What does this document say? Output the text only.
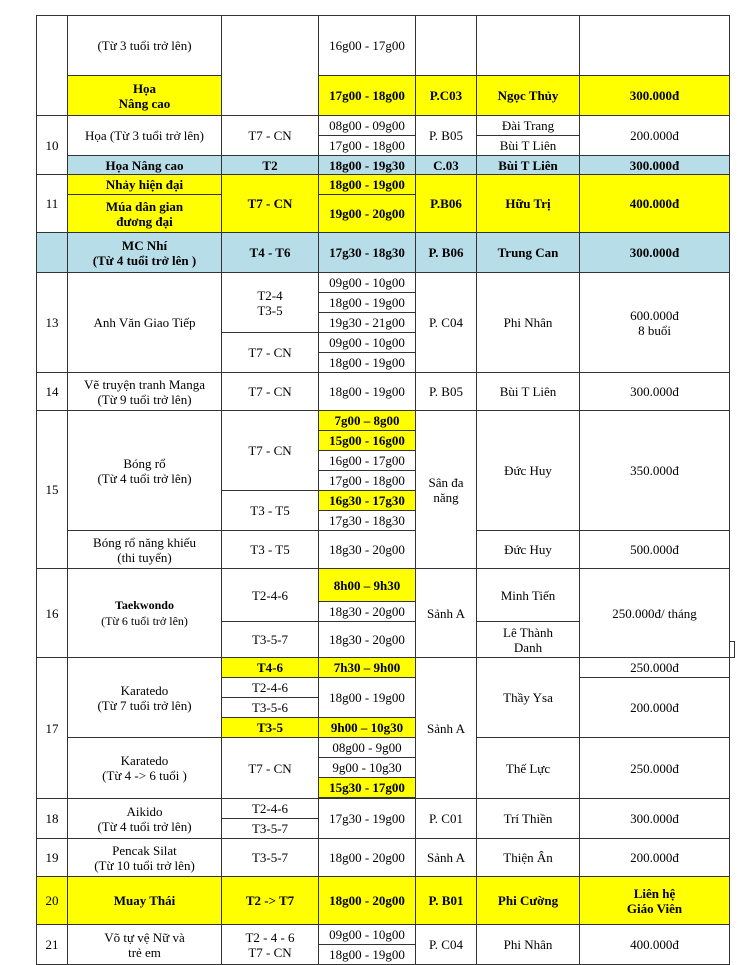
	(Từ 3 tuổi trở lên)		16g00 - 17g00				
	Họa
Nâng cao		17g00 - 18g00	P.C03	Ngọc Thủy	300.000đ	
10	Họa (Từ 3 tuổi trở lên)	T7 - CN	08g00 - 09g00	P. B05	Đài Trang	200.000đ	
			17g00 - 18g00		Bùi T Liên		
	Họa Nâng cao	T2	18g00 - 19g30	C.03	Bùi T Liên	300.000đ	
11	Nhảy hiện đại	T7 - CN	18g00 - 19g00	P.B06	Hữu Trị	400.000đ	
	Múa dân gian
đương đại		19g00 - 20g00				
	MC Nhí
(Từ 4 tuổi trở lên )	T4 - T6	17g30 - 18g30	P. B06	Trung Can	300.000đ	
13	Anh Văn Giao Tiếp	T2-4
T3-5	09g00 - 10g00	P. C04	Phi Nhân	600.000đ
8 buổi	
			18g00 - 19g00				
			19g30 - 21g00				
		T7 - CN	09g00 - 10g00				
			18g00 - 19g00				
14	Vẽ truyện tranh Manga
(Từ 9 tuổi trở lên)	T7 - CN	18g00 - 19g00	P. B05	Bùi T Liên	300.000đ	
15	Bóng rổ
(Từ 4 tuổi trở lên)	T7 - CN	7g00 – 8g00	Sân đa
năng	Đức Huy	350.000đ	
			15g00 - 16g00				
			16g00 - 17g00				
			17g00 - 18g00				
		T3 - T5	16g30 - 17g30				
			17g30 - 18g30				
	Bóng rổ năng khiếu
(thi tuyển)	T3 - T5	18g30 - 20g00		Đức Huy	500.000đ	
16	Taekwondo
(Từ 6 tuổi trở lên)	T2-4-6	8h00 – 9h30	Sảnh A	Minh Tiến	250.000đ/ tháng	
			18g30 - 20g00				
		T3-5-7	18g30 - 20g00		Lê Thành
Danh		

17	Karatedo
(Từ 7 tuổi trở lên)	T4-6	7h30 – 9h00	Sảnh A	Thầy Ysa	250.000đ	
		T2-4-6	18g00 - 19g00			200.000đ	
		T3-5-6					
		T3-5	9h00 – 10g30				
	Karatedo
(Từ 4 -> 6 tuổi )	T7 - CN	08g00 - 9g00		Thế Lực	250.000đ	
			9g00 - 10g30				
			15g30 - 17g00				

18	Aikido
(Từ 4 tuổi trở lên)	T2-4-6	17g30 - 19g00	P. C01	Trí Thiền	300.000đ	
		T3-5-7					
19	Pencak Silat
(Từ 10 tuổi trở lên)	T3-5-7	18g00 - 20g00	Sảnh A	Thiện Ân	200.000đ	
20	Muay Thái	T2 -> T7	18g00 - 20g00	P. B01	Phi Cường	Liên hệ
Giáo Viên	
21	Võ tự vệ Nữ và
trẻ em	T2 - 4 - 6
T7 - CN	09g00 - 10g00	P. C04	Phi Nhân	400.000đ	
			18g00 - 19g00				
